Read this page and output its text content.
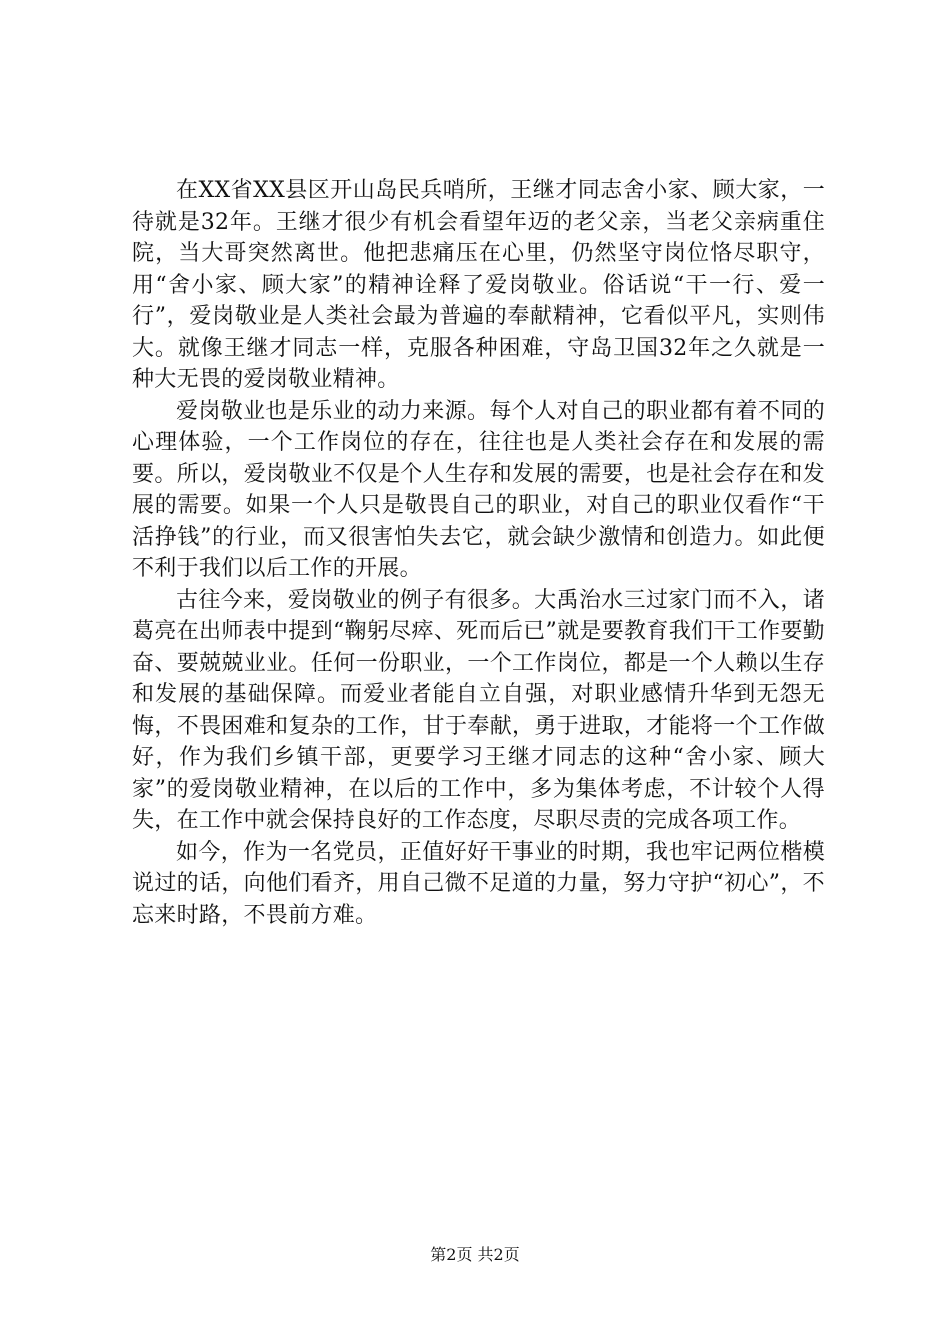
在XX省XX县区开山岛民兵哨所，王继才同志舍小家、顾大家，一待就是32年。王继才很少有机会看望年迈的老父亲，当老父亲病重住院，当大哥突然离世。他把悲痛压在心里，仍然坚守岗位恪尽职守，用“舍小家、顾大家”的精神诠释了爱岗敬业。俗话说“干一行、爱一行”，爱岗敬业是人类社会最为普遍的奉献精神，它看似平凡，实则伟大。就像王继才同志一样，克服各种困难，守岛卫国32年之久就是一种大无畏的爱岗敬业精神。

爱岗敬业也是乐业的动力来源。每个人对自己的职业都有着不同的心理体验，一个工作岗位的存在，往往也是人类社会存在和发展的需要。所以，爱岗敬业不仅是个人生存和发展的需要，也是社会存在和发展的需要。如果一个人只是敬畏自己的职业，对自己的职业仅看作“干活挣钱”的行业，而又很害怕失去它，就会缺少激情和创造力。如此便不利于我们以后工作的开展。

古往今来，爱岗敬业的例子有很多。大禹治水三过家门而不入，诸葛亮在出师表中提到“鞠躬尽瘁、死而后已”就是要教育我们干工作要勤奋、要兢兢业业。任何一份职业，一个工作岗位，都是一个人赖以生存和发展的基础保障。而爱业者能自立自强，对职业感情升华到无怨无悔，不畏困难和复杂的工作，甘于奉献，勇于进取，才能将一个工作做好，作为我们乡镇干部，更要学习王继才同志的这种“舍小家、顾大家”的爱岗敬业精神，在以后的工作中，多为集体考虑，不计较个人得失，在工作中就会保持良好的工作态度，尽职尽责的完成各项工作。

如今，作为一名党员，正值好好干事业的时期，我也牢记两位楷模说过的话，向他们看齐，用自己微不足道的力量，努力守护“初心”，不忘来时路，不畏前方难。

第2页 共2页
